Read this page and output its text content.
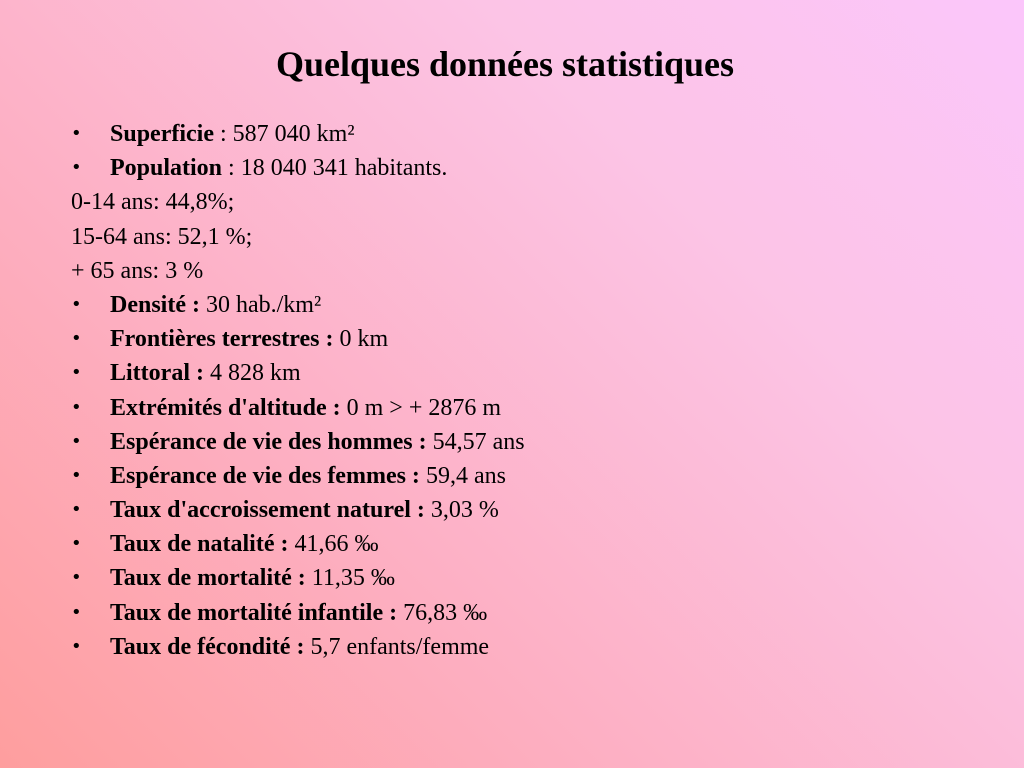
Quelques données statistiques
•Superficie : 587 040 km²
•Population : 18 040 341 habitants.
0-14 ans: 44,8%;
15-64 ans: 52,1 %;
+ 65 ans: 3 %
•Densité : 30 hab./km²
•Frontières terrestres : 0 km
•Littoral : 4 828 km
•Extrémités d'altitude : 0 m > + 2876 m
•Espérance de vie des hommes : 54,57 ans
•Espérance de vie des femmes : 59,4 ans
•Taux d'accroissement naturel : 3,03 %
•Taux de natalité : 41,66 ‰
•Taux de mortalité : 11,35 ‰
•Taux de mortalité infantile : 76,83 ‰
•Taux de fécondité : 5,7 enfants/femme
